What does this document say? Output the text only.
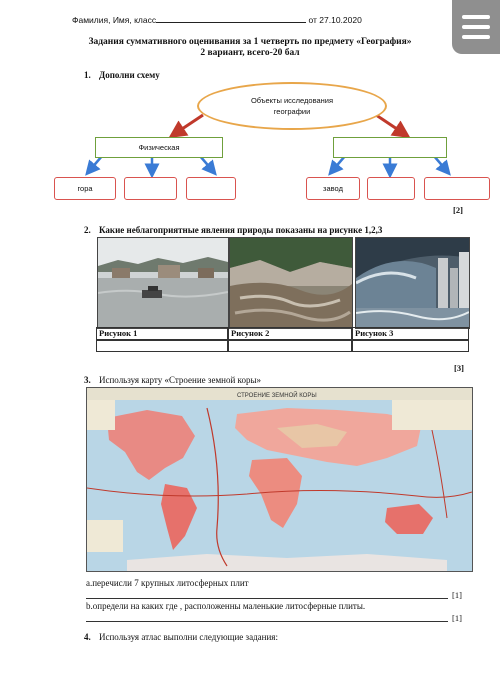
Фамилия, Имя, класс	от 27.10.2020
Задания суммативного оценивания за 1 четверть по предмету «География»
2 вариант, всего-20 бал
1. Дополни схему
Объекты исследования географии
Физическая
гора	завод
[2]
2. Какие неблагоприятные явления природы показаны на рисунке 1,2,3
Рисунок 1	Рисунок 2	Рисунок 3
[3]
3. Используя карту «Строение земной коры»
СТРОЕНИЕ ЗЕМНОЙ КОРЫ
а.перечисли 7 крупных литосферных плит
[1]
b.определи на каких где , расположенны маленькие литосферные плиты.
[1]
4. Используя атлас выполни следующие задания:
